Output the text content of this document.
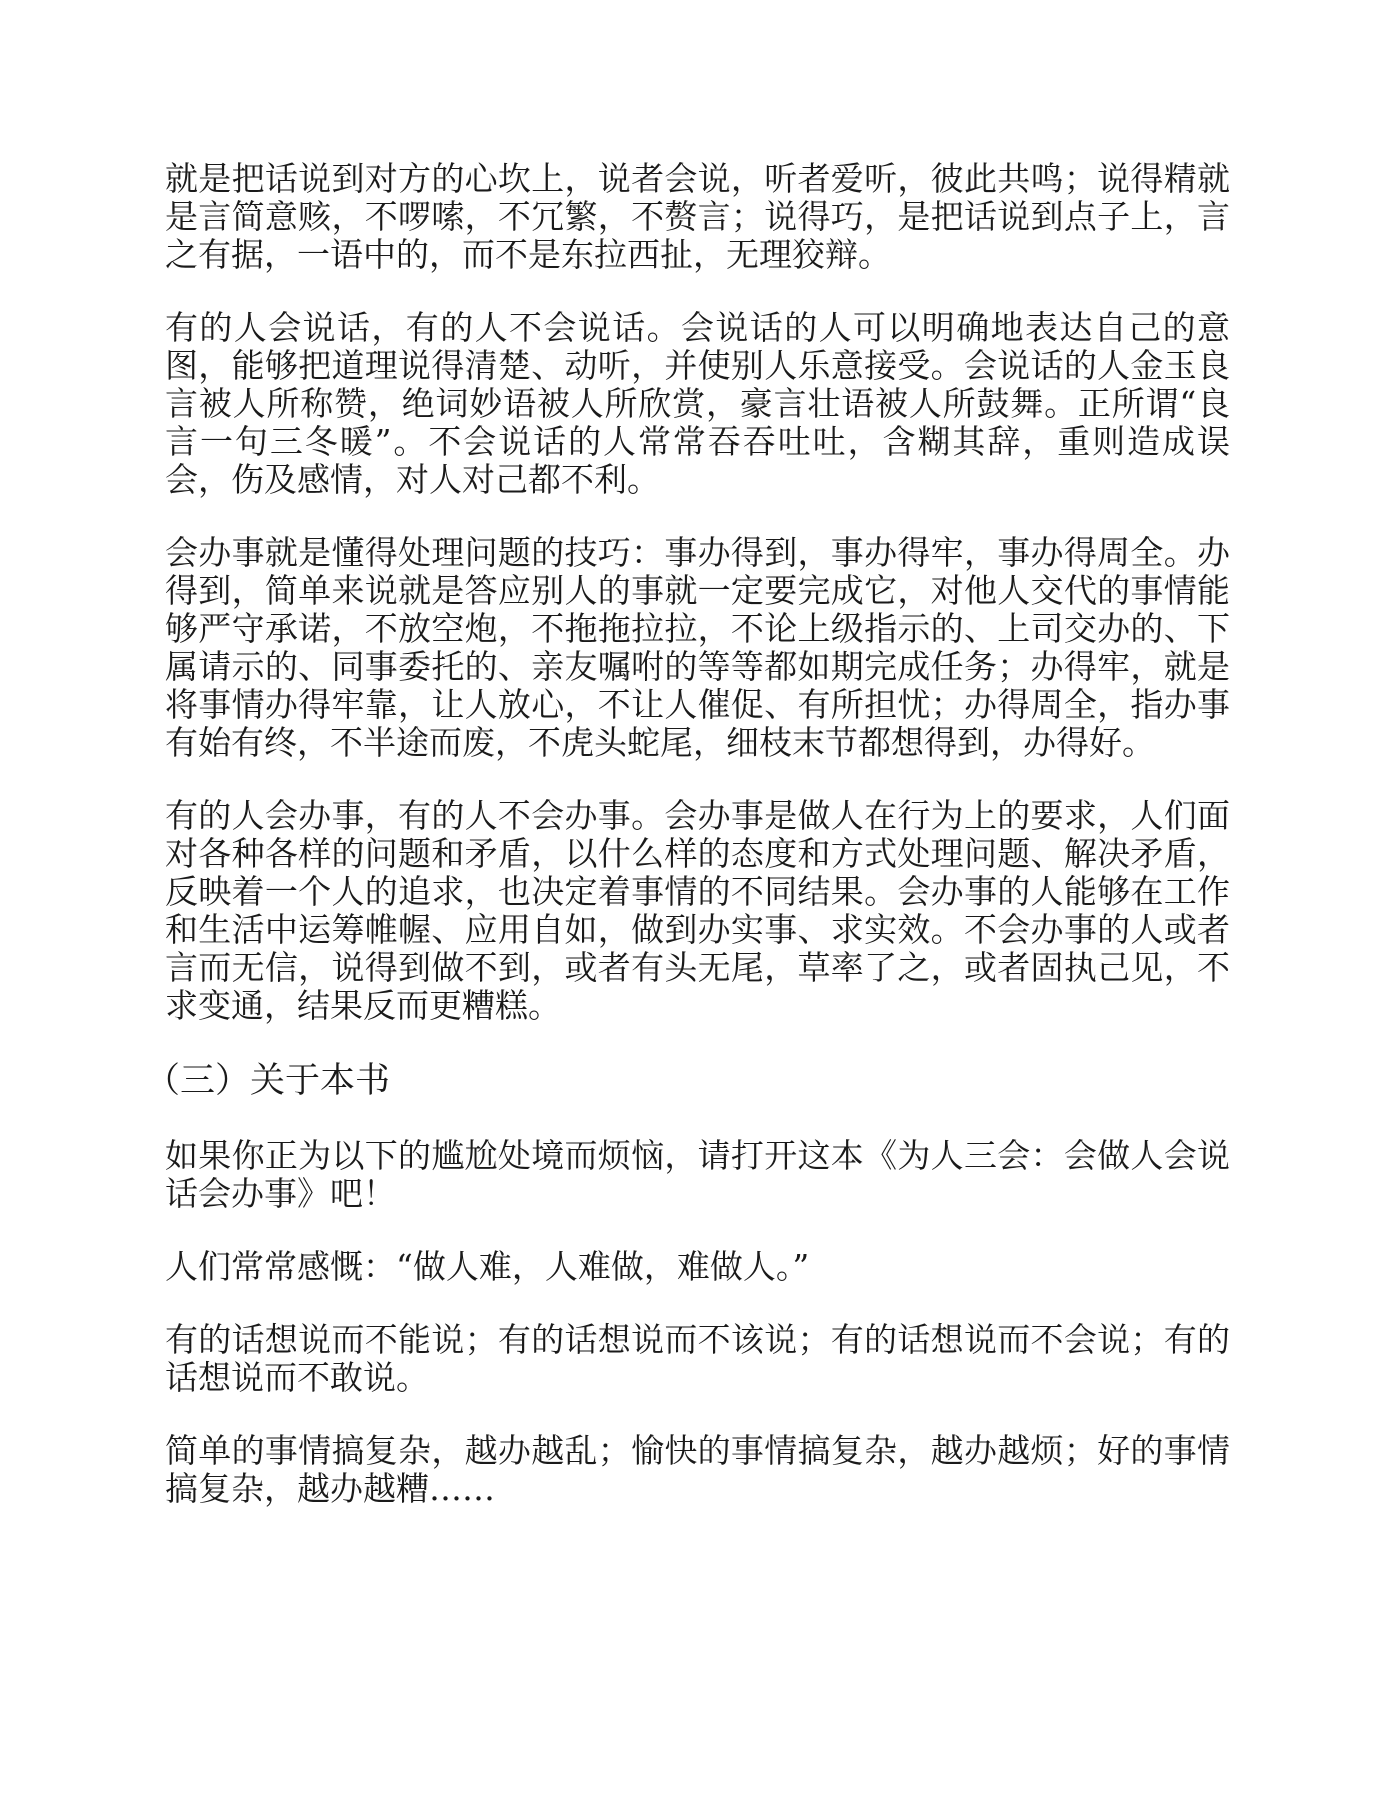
就是把话说到对方的心坎上，说者会说，听者爱听，彼此共鸣；说得精就是言简意赅，不啰嗦，不冗繁，不赘言；说得巧，是把话说到点子上，言之有据，一语中的，而不是东拉西扯，无理狡辩。

有的人会说话，有的人不会说话。会说话的人可以明确地表达自己的意图，能够把道理说得清楚、动听，并使别人乐意接受。会说话的人金玉良言被人所称赞，绝词妙语被人所欣赏，豪言壮语被人所鼓舞。正所谓“良言一句三冬暖”。不会说话的人常常吞吞吐吐，含糊其辞，重则造成误会，伤及感情，对人对己都不利。

会办事就是懂得处理问题的技巧：事办得到，事办得牢，事办得周全。办得到，简单来说就是答应别人的事就一定要完成它，对他人交代的事情能够严守承诺，不放空炮，不拖拖拉拉，不论上级指示的、上司交办的、下属请示的、同事委托的、亲友嘱咐的等等都如期完成任务；办得牢，就是将事情办得牢靠，让人放心，不让人催促、有所担忧；办得周全，指办事有始有终，不半途而废，不虎头蛇尾，细枝末节都想得到，办得好。

有的人会办事，有的人不会办事。会办事是做人在行为上的要求，人们面对各种各样的问题和矛盾，以什么样的态度和方式处理问题、解决矛盾，反映着一个人的追求，也决定着事情的不同结果。会办事的人能够在工作和生活中运筹帷幄、应用自如，做到办实事、求实效。不会办事的人或者言而无信，说得到做不到，或者有头无尾，草率了之，或者固执己见，不求变通，结果反而更糟糕。

（三）关于本书

如果你正为以下的尴尬处境而烦恼，请打开这本《为人三会：会做人会说话会办事》吧！

人们常常感慨：“做人难，人难做，难做人。”

有的话想说而不能说；有的话想说而不该说；有的话想说而不会说；有的话想说而不敢说。

简单的事情搞复杂，越办越乱；愉快的事情搞复杂，越办越烦；好的事情搞复杂，越办越糟……
